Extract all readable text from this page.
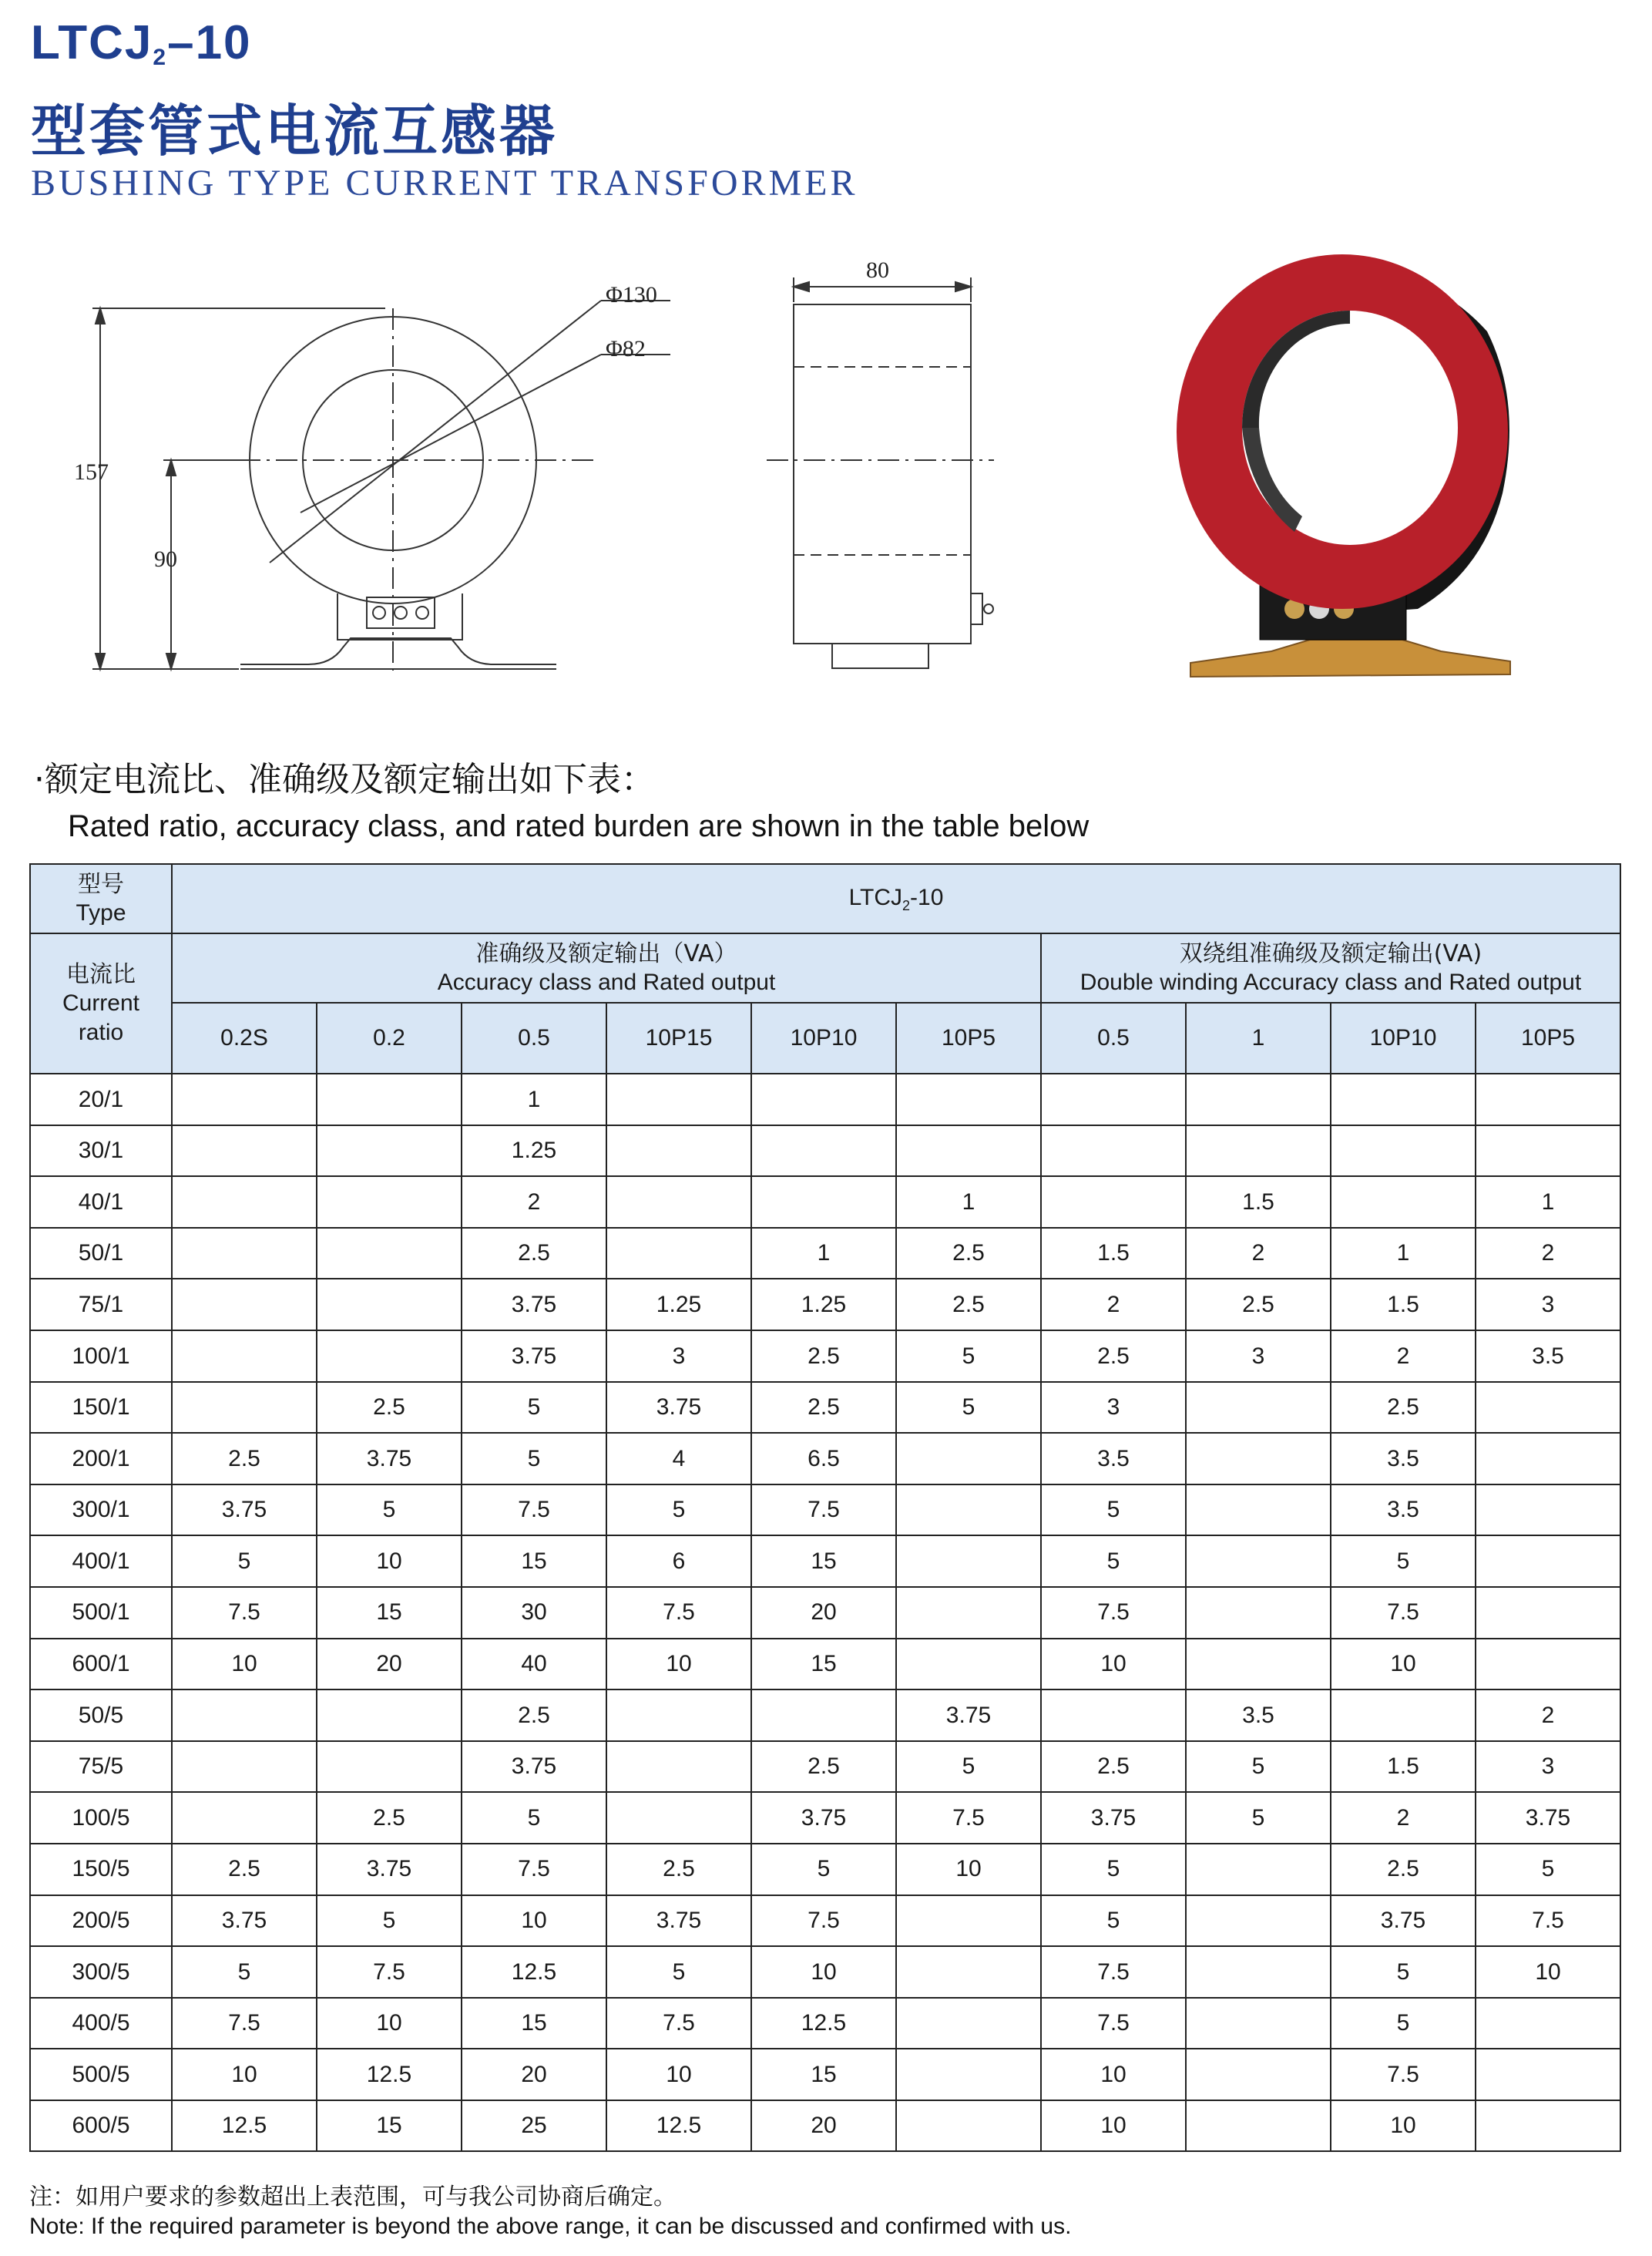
$LTCJ_2-10$
型套管式电流互感器
BUSHING TYPE CURRENT TRANSFORMER
Φ130
Φ82
157
90
80
·额定电流比、准确级及额定输出如下表：
Rated ratio, accuracy class, and rated burden are shown in the table below
型号
Type	$LTCJ_2-10$									
电流比
Current
ratio	准确级及额定输出（VA）
Accuracy class and Rated output						双绕组准确级及额定输出(VA)
Double winding Accuracy class and Rated output			
	0.2S	0.2	0.5	10P15	10P10	10P5	0.5	1	10P10	10P5
20/1			1							
30/1			1.25							
40/1			2			1		1.5		1
50/1			2.5		1	2.5	1.5	2	1	2
75/1			3.75	1.25	1.25	2.5	2	2.5	1.5	3
100/1			3.75	3	2.5	5	2.5	3	2	3.5
150/1		2.5	5	3.75	2.5	5	3		2.5	
200/1	2.5	3.75	5	4	6.5		3.5		3.5	
300/1	3.75	5	7.5	5	7.5		5		3.5	
400/1	5	10	15	6	15		5		5	
500/1	7.5	15	30	7.5	20		7.5		7.5	
600/1	10	20	40	10	15		10		10	
50/5			2.5			3.75		3.5		2
75/5			3.75		2.5	5	2.5	5	1.5	3
100/5		2.5	5		3.75	7.5	3.75	5	2	3.75
150/5	2.5	3.75	7.5	2.5	5	10	5		2.5	5
200/5	3.75	5	10	3.75	7.5		5		3.75	7.5
300/5	5	7.5	12.5	5	10		7.5		5	10
400/5	7.5	10	15	7.5	12.5		7.5		5	
500/5	10	12.5	20	10	15		10		7.5	
600/5	12.5	15	25	12.5	20		10		10	
注：如用户要求的参数超出上表范围，可与我公司协商后确定。
Note: If the required parameter is beyond the above range, it can be discussed and confirmed with us.
